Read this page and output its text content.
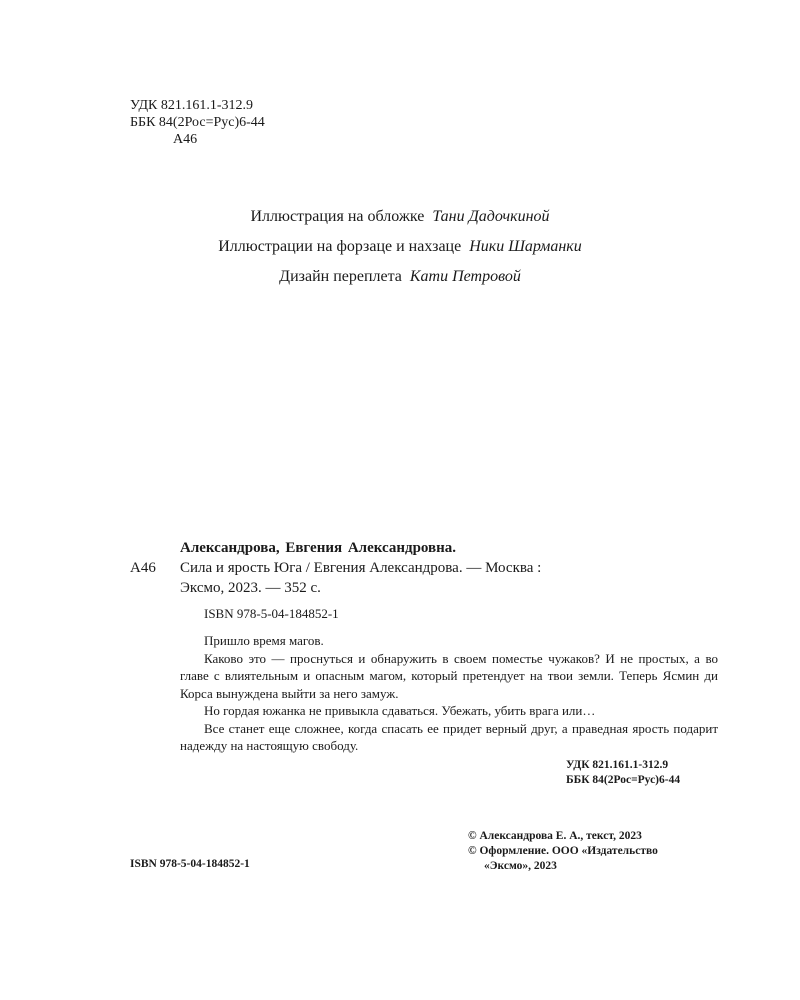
УДК 821.161.1-312.9
ББК 84(2Рос=Рус)6-44
А46
Иллюстрация на обложке Тани Дадочкиной
Иллюстрации на форзаце и нахзаце Ники Шарманки
Дизайн переплета Кати Петровой
Александрова, Евгения Александровна.
А46 Сила и ярость Юга / Евгения Александрова. — Москва :
Эксмо, 2023. — 352 с.
ISBN 978-5-04-184852-1

Пришло время магов.

Каково это — проснуться и обнаружить в своем поместье чужаков? И не простых, а во главе с влиятельным и опасным магом, который претендует на твои земли. Теперь Ясмин ди Корса вынуждена выйти за него замуж.

Но гордая южанка не привыкла сдаваться. Убежать, убить врага или…

Все станет еще сложнее, когда спасать ее придет верный друг, а праведная ярость подарит надежду на настоящую свободу.

УДК 821.161.1-312.9
ББК 84(2Рос=Рус)6-44
© Александрова Е. А., текст, 2023
© Оформление. ООО «Издательство
«Эксмо», 2023
ISBN 978-5-04-184852-1
